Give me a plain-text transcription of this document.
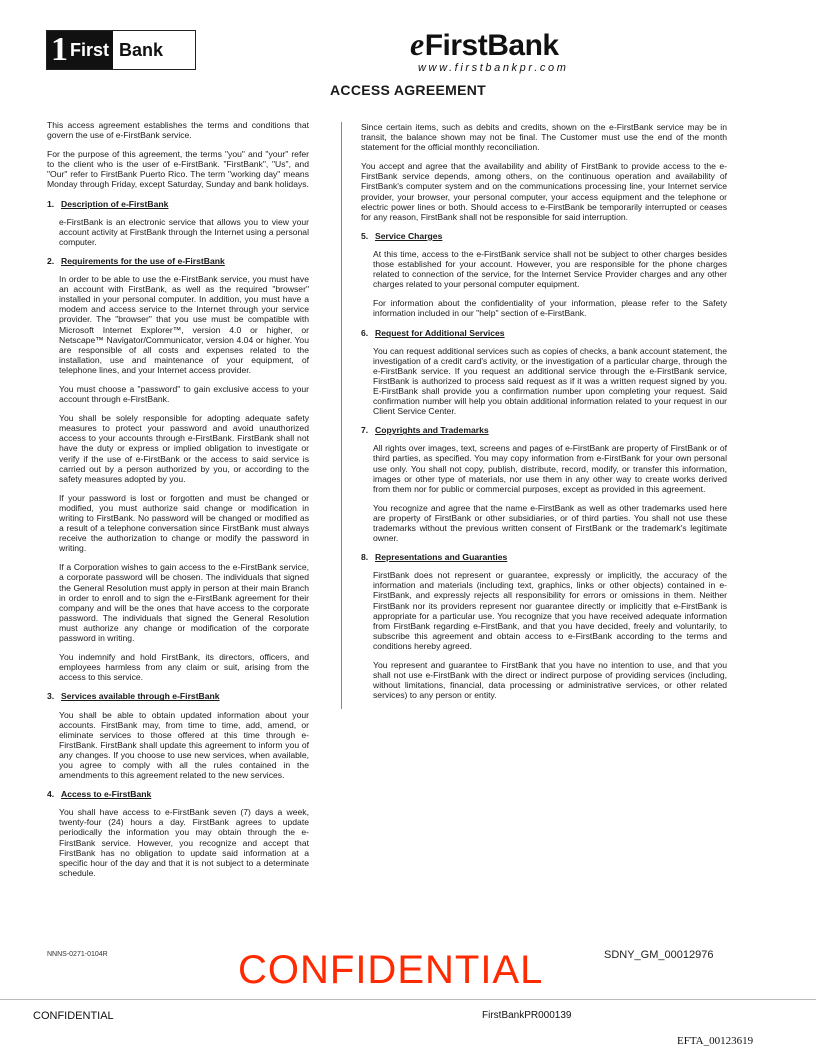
1 First Bank	eFirstBank
www.firstbankpr.com
ACCESS AGREEMENT

This access agreement establishes the terms and conditions that govern the use of e-FirstBank service.

For the purpose of this agreement, the terms "you" and "your" refer to the client who is the user of e-FirstBank. "FirstBank", "Us", and "Our" refer to FirstBank Puerto Rico. The term "working day" means Monday through Friday, except Saturday, Sunday and bank holidays.

1. Description of e-FirstBank

e-FirstBank is an electronic service that allows you to view your account activity at FirstBank through the Internet using a personal computer.

2. Requirements for the use of e-FirstBank

In order to be able to use the e-FirstBank service, you must have an account with FirstBank, as well as the required "browser" installed in your personal computer. In addition, you must have a modem and access service to the Internet through your service provider. The "browser" that you use must be compatible with Microsoft Internet Explorer™, version 4.0 or higher, or Netscape™ Navigator/Communicator, version 4.04 or higher. You are responsible of all costs and expenses related to the installation, use and maintenance of your equipment, of telephone lines, and your Internet access provider.

You must choose a "password" to gain exclusive access to your account through e-FirstBank.

You shall be solely responsible for adopting adequate safety measures to protect your password and avoid unauthorized access to your accounts through e-FirstBank. FirstBank shall not have the duty or express or implied obligation to investigate or verify if the use of e-FirstBank or the access to said service is carried out by a person authorized by you, or according to the safety measures adopted by you.

If your password is lost or forgotten and must be changed or modified, you must authorize said change or modification in writing to FirstBank. No password will be changed or modified as a result of a telephone conversation since FirstBank must always receive the authorization to change or modify the password in writing.

If a Corporation wishes to gain access to the e-FirstBank service, a corporate password will be chosen. The individuals that signed the General Resolution must apply in person at their main Branch in order to enroll and to sign the e-FirstBank agreement for their company and will be the ones that have access to the corporate password. The individuals that signed the General Resolution must authorize any change or modification of the corporate password in writing.

You indemnify and hold FirstBank, its directors, officers, and employees harmless from any claim or suit, arising from the access to this service.

3. Services available through e-FirstBank

You shall be able to obtain updated information about your accounts. FirstBank may, from time to time, add, amend, or eliminate services to those offered at this time through e-FirstBank. FirstBank shall update this agreement to inform you of any changes. If you choose to use new services, when available, you agree to comply with all the rules contained in the amendments to this agreement related to the new services.

4. Access to e-FirstBank

You shall have access to e-FirstBank seven (7) days a week, twenty-four (24) hours a day. FirstBank agrees to update periodically the information you may obtain through the e-FirstBank service. However, you recognize and accept that FirstBank has no obligation to update said information at a specific hour of the day and that it is not subject to a determinate schedule.

Since certain items, such as debits and credits, shown on the e-FirstBank service may be in transit, the balance shown may not be final. The Customer must use the end of the month statement for the official monthly reconciliation.

You accept and agree that the availability and ability of FirstBank to provide access to the e-FirstBank service depends, among others, on the continuous operation and availability of FirstBank's computer system and on the communications processing line, your Internet service provider, your browser, your personal computer, your access equipment and the telephone or electric power lines or both. Should access to e-FirstBank be temporarily interrupted or ceases for any reason, FirstBank shall not be responsible for said interruption.

5. Service Charges

At this time, access to the e-FirstBank service shall not be subject to other charges besides those established for your account. However, you are responsible for the phone charges related to connection of the service, for the Internet Service Provider charges and any other charges related to your personal computer equipment.

For information about the confidentiality of your information, please refer to the Safety information included in our "help" section of e-FirstBank.

6. Request for Additional Services

You can request additional services such as copies of checks, a bank account statement, the investigation of a credit card's activity, or the investigation of a particular charge, through the e-FirstBank service. If you request an additional service through the e-FirstBank service, FirstBank is authorized to process said request as if it was a written request signed by you. E-FirstBank shall provide you a confirmation number upon completing your request. Said confirmation number will help you obtain additional information related to your request in our Client Service Center.

7. Copyrights and Trademarks

All rights over images, text, screens and pages of e-FirstBank are property of FirstBank or of third parties, as specified. You may copy information from e-FirstBank for your own personal use only. You shall not copy, publish, distribute, record, modify, or transfer this information, images or other type of materials, nor use them in any other way to create works derived from them nor for public or commercial purposes, except as provided in this agreement.

You recognize and agree that the name e-FirstBank as well as other trademarks used here are property of FirstBank or other subsidiaries, or of third parties. You shall not use these trademarks without the previous written consent of FirstBank or the trademark's legitimate owner.

8. Representations and Guaranties

FirstBank does not represent or guarantee, expressly or implicitly, the accuracy of the information and materials (including text, graphics, links or other objects) contained in e-FirstBank, and expressly rejects all responsibility for errors or omissions in them. Neither FirstBank nor its providers represent nor guarantee directly or implicitly that e-FirstBank is appropriate for a particular use. You recognize that you have received adequate information from FirstBank regarding e-FirstBank, and that you have decided, freely and voluntarily, to subscribe this agreement and obtain access to e-FirstBank according to the terms and conditions hereby agreed.

You represent and guarantee to FirstBank that you have no intention to use, and that you shall not use e-FirstBank with the direct or indirect purpose of providing services (including, without limitations, financial, data processing or administrative services, or other related services) to any person or entity.

NNNS-0271-0104R	CONFIDENTIAL	SDNY_GM_00012976
CONFIDENTIAL	FirstBankPR000139
EFTA_00123619
